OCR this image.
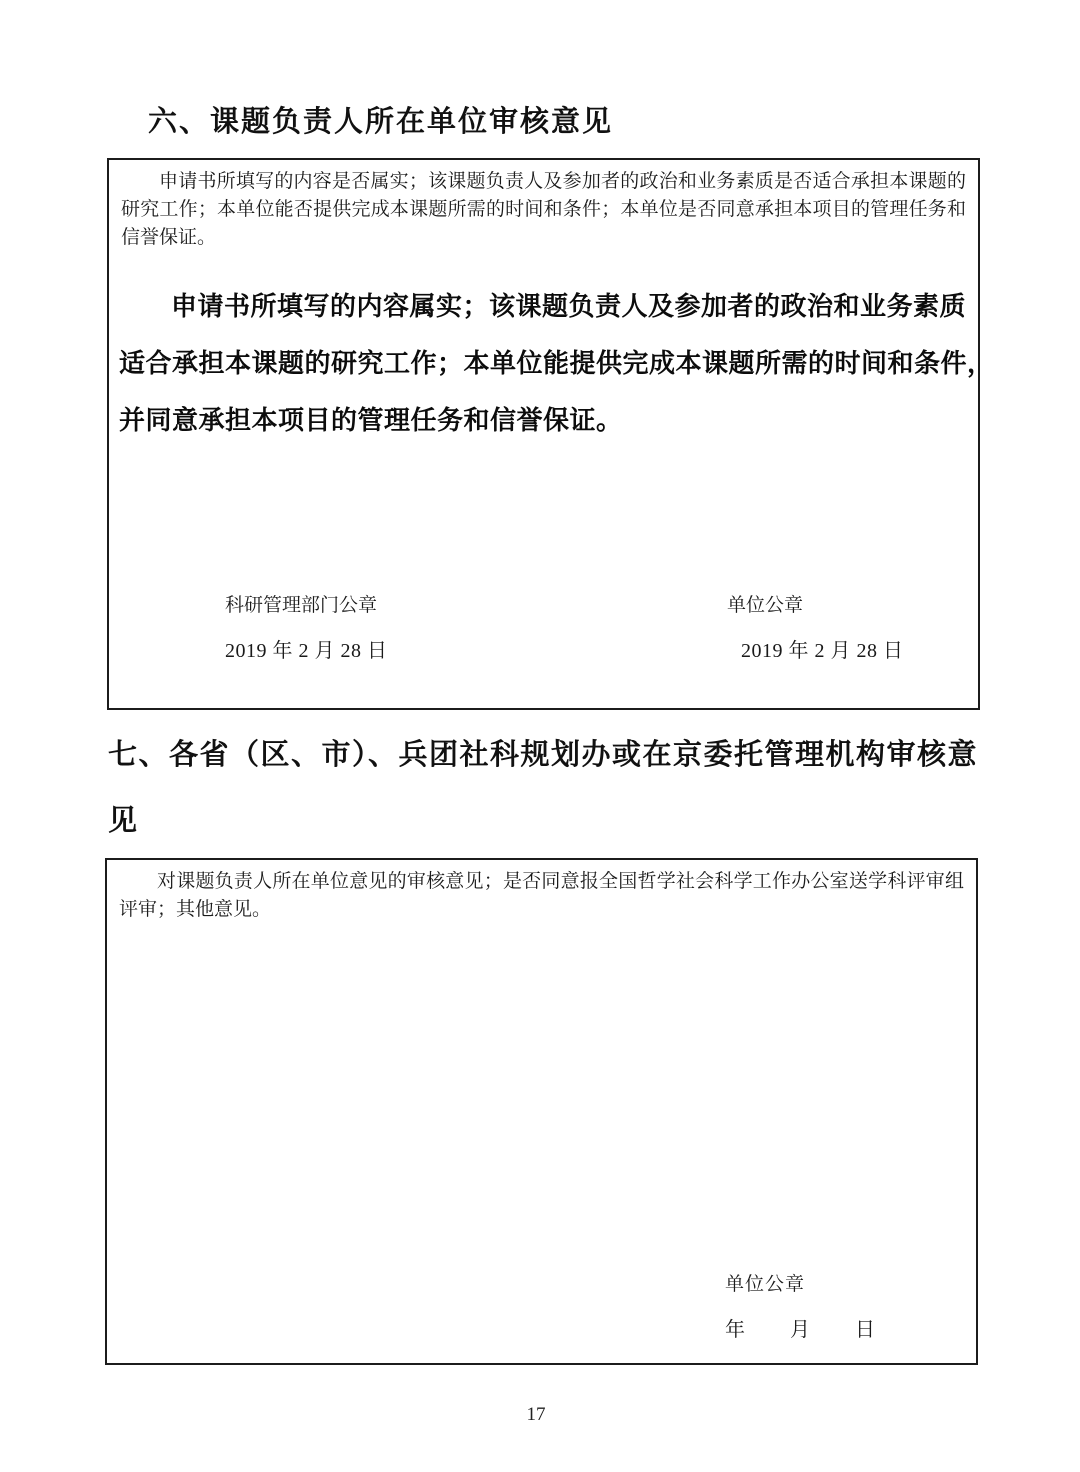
六、课题负责人所在单位审核意见

申请书所填写的内容是否属实；该课题负责人及参加者的政治和业务素质是否适合承担本课题的研究工作；本单位能否提供完成本课题所需的时间和条件；本单位是否同意承担本项目的管理任务和信誉保证。

申请书所填写的内容属实；该课题负责人及参加者的政治和业务素质
适合承担本课题的研究工作；本单位能提供完成本课题所需的时间和条件，
并同意承担本项目的管理任务和信誉保证。
科研管理部门公章
2019 年 2 月 28 日
单位公章
2019 年 2 月 28 日
七、各省（区、市）、兵团社科规划办或在京委托管理机构审核意见

对课题负责人所在单位意见的审核意见；是否同意报全国哲学社会科学工作办公室送学科评审组评审；其他意见。

单位公章
年 月 日
17
